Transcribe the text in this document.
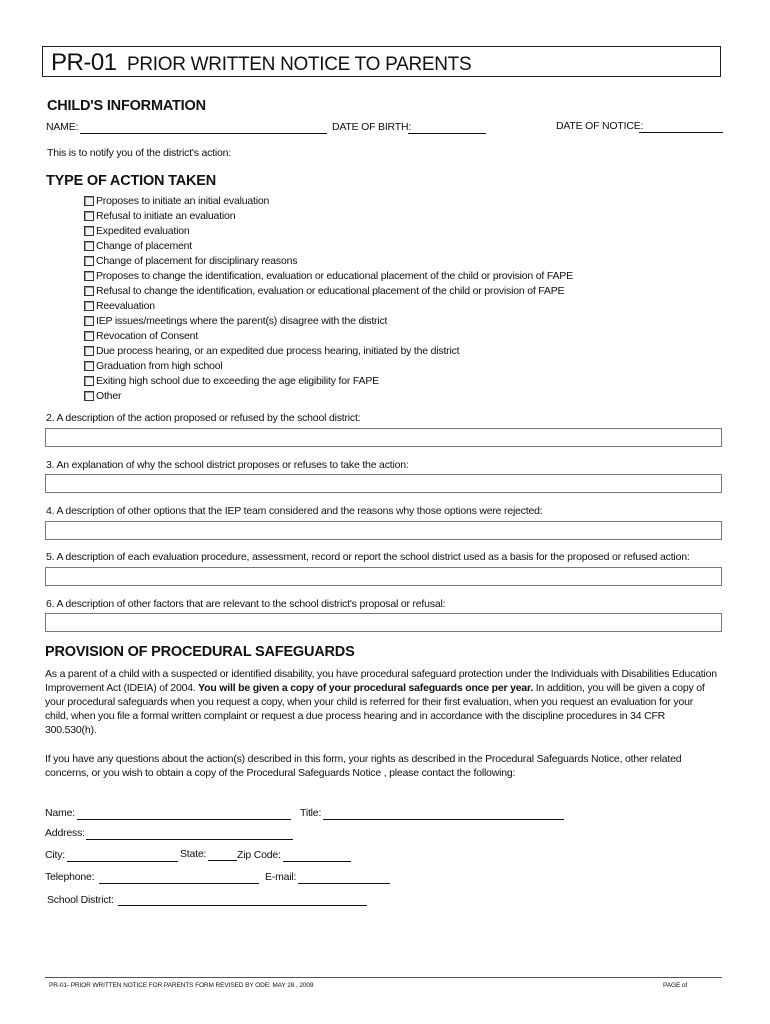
PR-01 PRIOR WRITTEN NOTICE TO PARENTS
CHILD'S INFORMATION
NAME:	DATE OF BIRTH:	DATE OF NOTICE:
This is to notify you of the district's action:
TYPE OF ACTION TAKEN
Proposes to initiate an initial evaluation
Refusal to initiate an evaluation
Expedited evaluation
Change of placement
Change of placement for disciplinary reasons
Proposes to change the identification, evaluation or educational placement of the child or provision of FAPE
Refusal to change the identification, evaluation or educational placement of the child or provision of FAPE
Reevaluation
IEP issues/meetings where the parent(s) disagree with the district
Revocation of Consent
Due process hearing, or an expedited due process hearing, initiated by the district
Graduation from high school
Exiting high school due to exceeding the age eligibility for FAPE
Other
2. A description of the action proposed or refused by the school district:
3. An explanation of why the school district proposes or refuses to take the action:
4. A description of other options that the IEP team considered and the reasons why those options were rejected:
5. A description of each evaluation procedure, assessment, record or report the school district used as a basis for the proposed or refused action:
6. A description of other factors that are relevant to the school district's proposal or refusal:
PROVISION OF PROCEDURAL SAFEGUARDS
As a parent of a child with a suspected or identified disability, you have procedural safeguard protection under the Individuals with Disabilities Education Improvement Act (IDEIA) of 2004. You will be given a copy of your procedural safeguards once per year. In addition, you will be given a copy of your procedural safeguards when you request a copy, when your child is referred for their first evaluation, when you request an evaluation for your child, when you file a formal written complaint or request a due process hearing and in accordance with the discipline procedures in 34 CFR 300.530(h).
If you have any questions about the action(s) described in this form, your rights as described in the Procedural Safeguards Notice, other related concerns, or you wish to obtain a copy of the Procedural Safeguards Notice , please contact the following:
Name:	Title:
Address:
City:	State:	Zip Code:
Telephone:	E-mail:
School District:
PR-01- PRIOR WRITTEN NOTICE FOR PARENTS FORM REVISED BY ODE: MAY 28 , 2009	PAGE of
